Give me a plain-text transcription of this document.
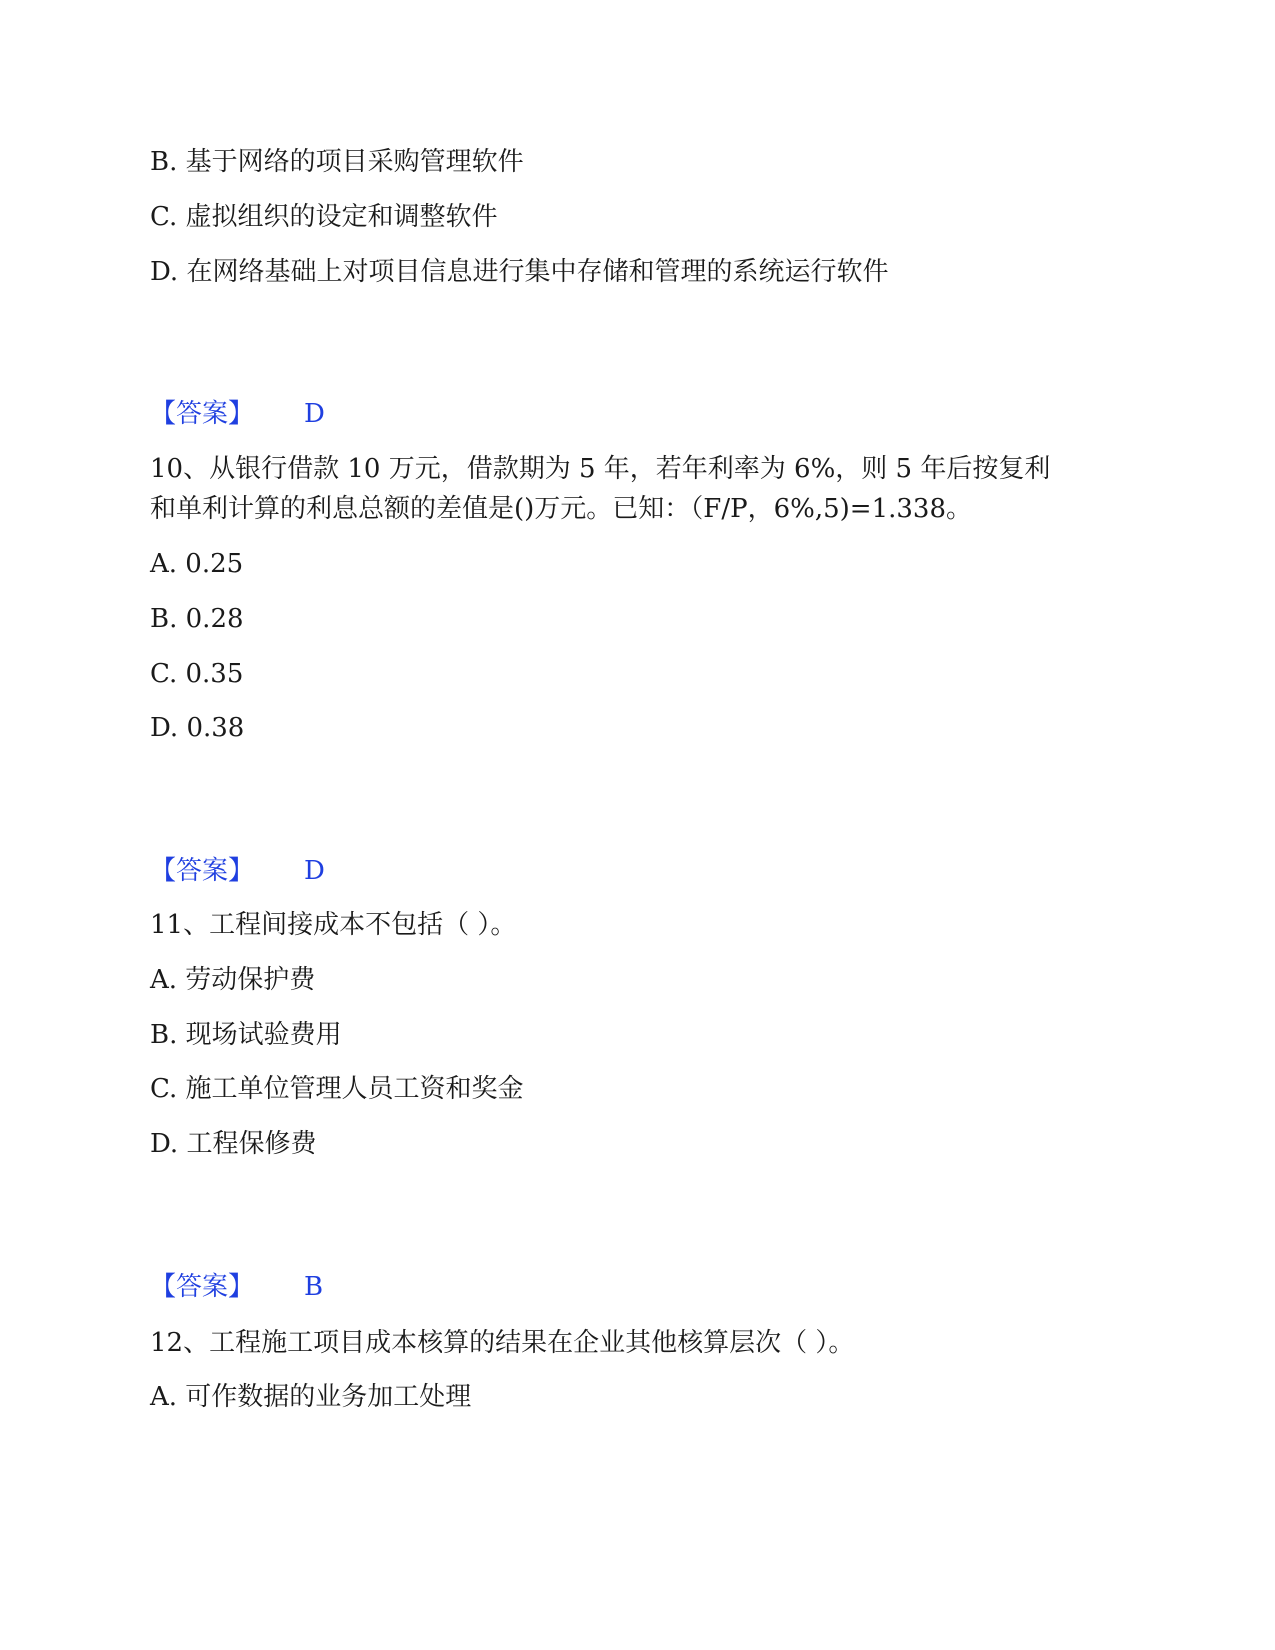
B. 基于网络的项目采购管理软件

C. 虚拟组织的设定和调整软件

D. 在网络基础上对项目信息进行集中存储和管理的系统运行软件

【答案】 D

10、从银行借款 10 万元，借款期为 5 年，若年利率为 6%，则 5 年后按复利

和单利计算的利息总额的差值是()万元。已知：（F/P，6%,5)=1.338。

A. 0.25

B. 0.28

C. 0.35

D. 0.38

【答案】 D

11、工程间接成本不包括（ ）。

A. 劳动保护费

B. 现场试验费用

C. 施工单位管理人员工资和奖金

D. 工程保修费

【答案】 B

12、工程施工项目成本核算的结果在企业其他核算层次（ ）。

A. 可作数据的业务加工处理
